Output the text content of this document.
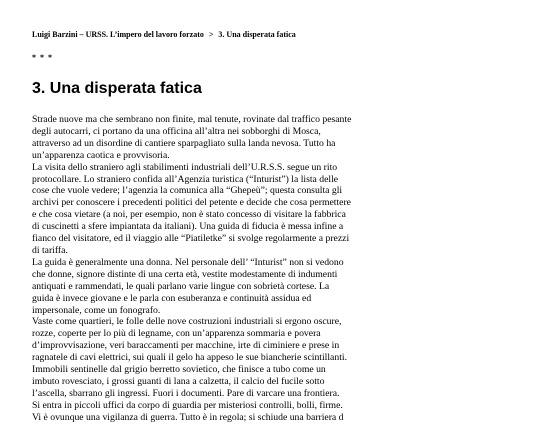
Luigi Barzini – URSS. L’impero del lavoro forzato > 3. Una disperata fatica
* * *
3. Una disperata fatica

Strade nuove ma che sembrano non finite, mal tenute, rovinate dal traffico pesante
degli autocarri, ci portano da una officina all’altra nei sobborghi di Mosca,
attraverso ad un disordine di cantiere sparpagliato sulla landa nevosa. Tutto ha
un’apparenza caotica e provvisoria.

La visita dello straniero agli stabilimenti industriali dell’U.R.S.S. segue un rito
protocollare. Lo straniero confida all’Agenzia turistica (“Inturist”) la lista delle
cose che vuole vedere; l’agenzia la comunica alla “Ghepeù”; questa consulta gli
archivi per conoscere i precedenti politici del petente e decide che cosa permettere
e che cosa vietare (a noi, per esempio, non è stato concesso di visitare la fabbrica
di cuscinetti a sfere impiantata da italiani). Una guida di fiducia è messa infine a
fianco del visitatore, ed il viaggio alle “Piatiletke” si svolge regolarmente a prezzi
di tariffa.

La guida è generalmente una donna. Nel personale dell’ “Inturist” non si vedono
che donne, signore distinte di una certa età, vestite modestamente di indumenti
antiquati e rammendati, le quali parlano varie lingue con sobrietà cortese. La
guida è invece giovane e le parla con esuberanza e continuità assidua ed
impersonale, come un fonografo.

Vaste come quartieri, le folle delle nove costruzioni industriali si ergono oscure,
rozze, coperte per lo più di legname, con un’apparenza sommaria e povera
d’improvvisazione, veri baraccamenti per macchine, irte di ciminiere e prese in
ragnatele di cavi elettrici, sui quali il gelo ha appeso le sue biancherie scintillanti.
Immobili sentinelle dal grigio berretto sovietico, che finisce a tubo come un
imbuto rovesciato, i grossi guanti di lana a calzetta, il calcio del fucile sotto
l’ascella, sbarrano gli ingressi. Fuori i documenti. Pare di varcare una frontiera.
Si entra in piccoli uffici da corpo di guardia per misteriosi controlli, bolli, firme.
Vi è ovunque una vigilanza di guerra. Tutto è in regola; si schiude una barriera d
